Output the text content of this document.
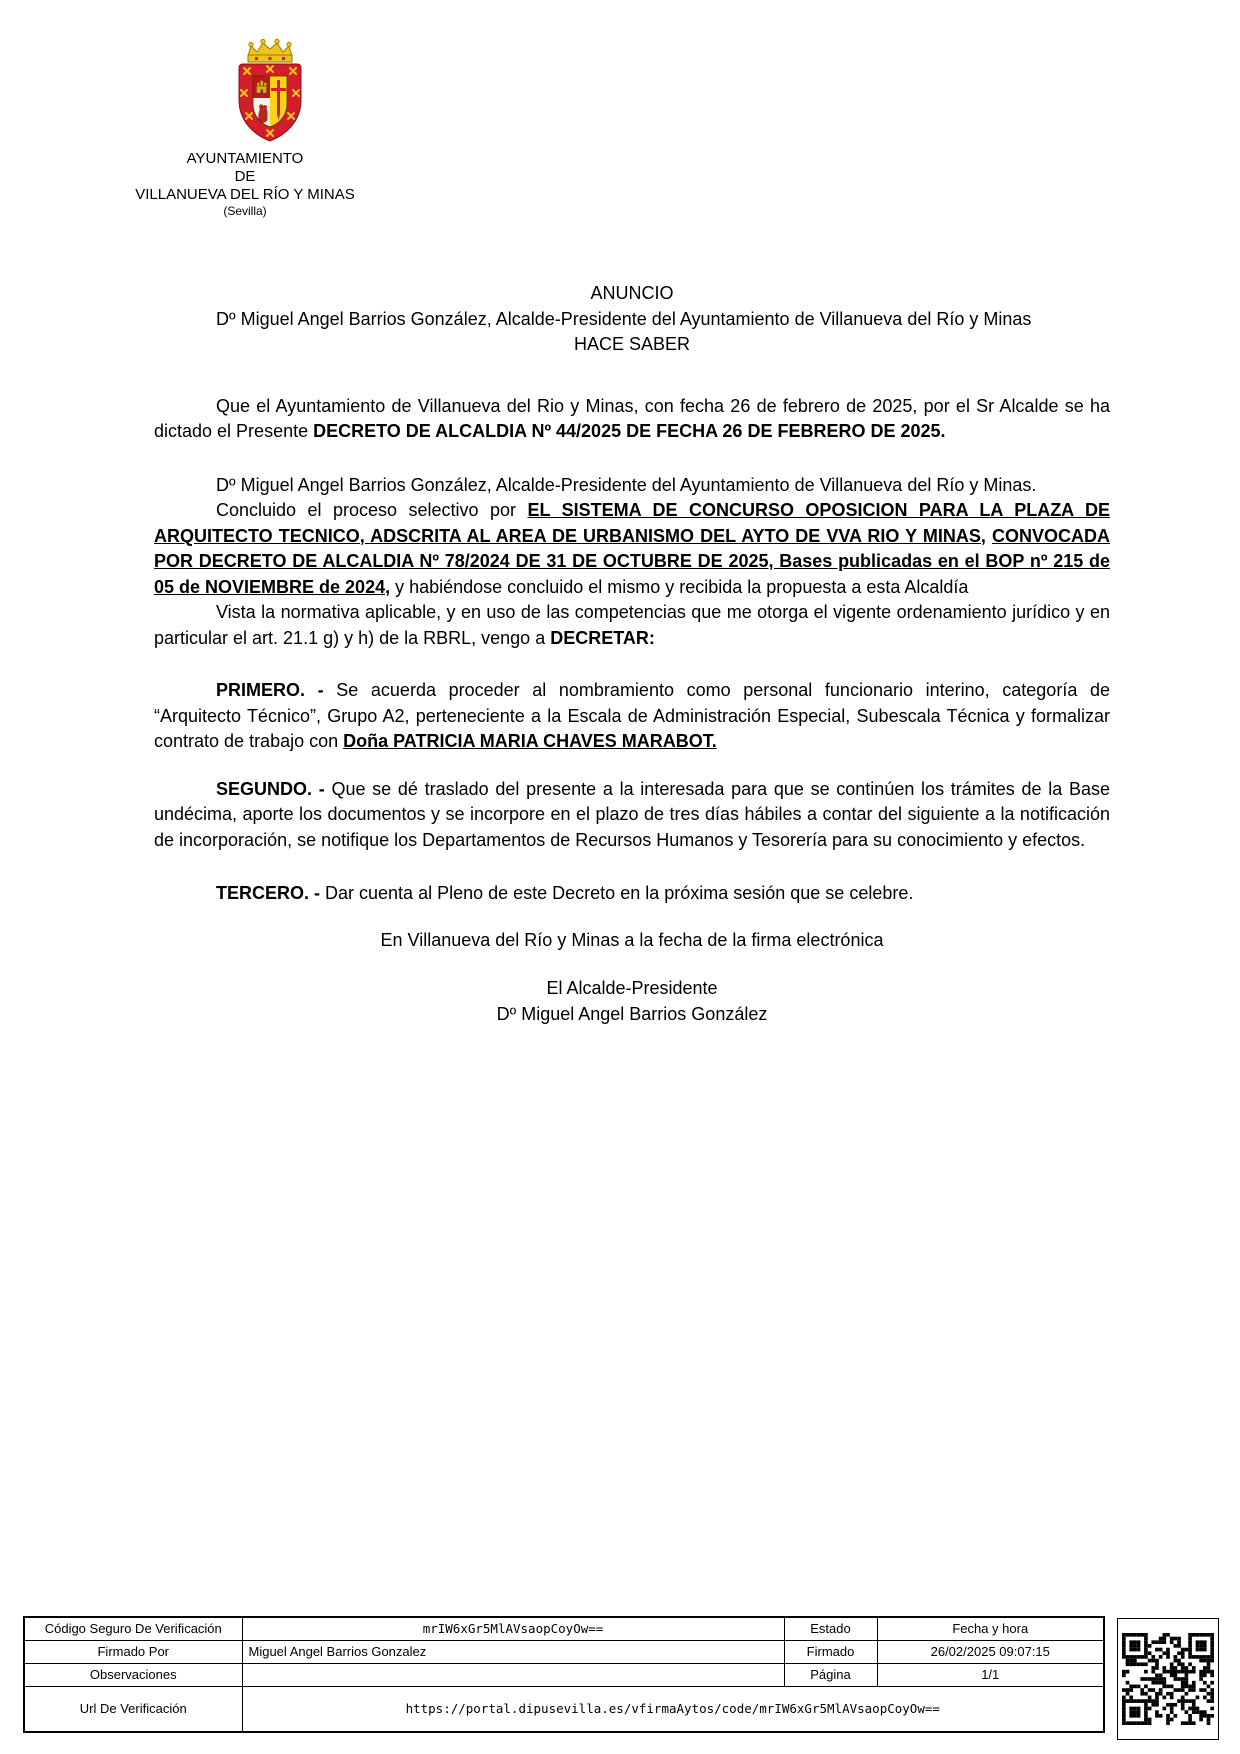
AYUNTAMIENTO
DE
VILLANUEVA DEL RÍO Y MINAS
(Sevilla)

ANUNCIO

Dº Miguel Angel Barrios González, Alcalde-Presidente del Ayuntamiento de Villanueva del Río y Minas

HACE SABER

Que el Ayuntamiento de Villanueva del Rio y Minas, con fecha 26 de febrero de 2025, por el Sr Alcalde se ha dictado el Presente DECRETO DE ALCALDIA Nº 44/2025 DE FECHA 26 DE FEBRERO DE 2025.

Dº Miguel Angel Barrios González, Alcalde-Presidente del Ayuntamiento de Villanueva del Río y Minas.

Concluido el proceso selectivo por EL SISTEMA DE CONCURSO OPOSICION PARA LA PLAZA DE ARQUITECTO TECNICO, ADSCRITA AL AREA DE URBANISMO DEL AYTO DE VVA RIO Y MINAS, CONVOCADA POR DECRETO DE ALCALDIA Nº 78/2024 DE 31 DE OCTUBRE DE 2025, Bases publicadas en el BOP nº 215 de 05 de NOVIEMBRE de 2024, y habiéndose concluido el mismo y recibida la propuesta a esta Alcaldía

Vista la normativa aplicable, y en uso de las competencias que me otorga el vigente ordenamiento jurídico y en particular el art. 21.1 g) y h) de la RBRL, vengo a DECRETAR:

PRIMERO. - Se acuerda proceder al nombramiento como personal funcionario interino, categoría de “Arquitecto Técnico”, Grupo A2, perteneciente a la Escala de Administración Especial, Subescala Técnica y formalizar contrato de trabajo con Doña PATRICIA MARIA CHAVES MARABOT.

SEGUNDO. - Que se dé traslado del presente a la interesada para que se continúen los trámites de la Base undécima, aporte los documentos y se incorpore en el plazo de tres días hábiles a contar del siguiente a la notificación de incorporación, se notifique los Departamentos de Recursos Humanos y Tesorería para su conocimiento y efectos.

TERCERO. - Dar cuenta al Pleno de este Decreto en la próxima sesión que se celebre.

En Villanueva del Río y Minas a la fecha de la firma electrónica

El Alcalde-Presidente

Dº Miguel Angel Barrios González

Código Seguro De Verificación	mrIW6xGr5MlAVsaopCoyOw==	Estado	Fecha y hora
Firmado Por	Miguel Angel Barrios Gonzalez	Firmado	26/02/2025 09:07:15
Observaciones		Página	1/1
Url De Verificación	https://portal.dipusevilla.es/vfirmaAytos/code/mrIW6xGr5MlAVsaopCoyOw==		
